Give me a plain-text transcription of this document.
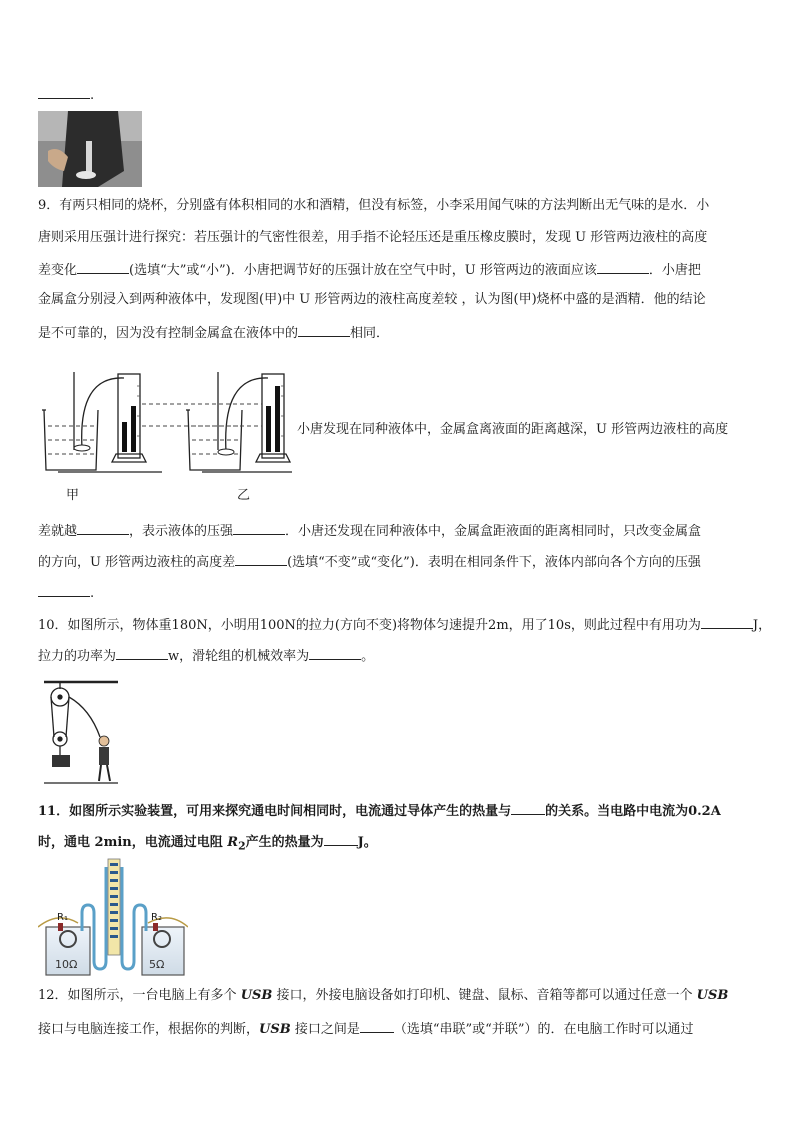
.
9．有两只相同的烧杯，分别盛有体积相同的水和酒精，但没有标签，小李采用闻气味的方法判断出无气味的是水．小
唐则采用压强计进行探究：若压强计的气密性很差，用手指不论轻压还是重压橡皮膜时，发现 U 形管两边液柱的高度
差变化	(选填“大”或“小”)．小唐把调节好的压强计放在空气中时，U 形管两边的液面应该	．小唐把
金属盒分别浸入到两种液体中，发现图(甲)中 U 形管两边的液柱高度差较 ，认为图(甲)烧杯中盛的是酒精．他的结论
是不可靠的，因为没有控制金属盒在液体中的	相同．
甲	乙
小唐发现在同种液体中，金属盒离液面的距离越深，U 形管两边液柱的高度
差就越	，表示液体的压强	．小唐还发现在同种液体中，金属盒距液面的距离相同时，只改变金属盒
的方向，U 形管两边液柱的高度差	(选填“不变”或“变化”)．表明在相同条件下，液体内部向各个方向的压强
.
10．如图所示，物体重180N，小明用100N的拉力(方向不变)将物体匀速提升2m，用了10s，则此过程中有用功为	J，
拉力的功率为	w，滑轮组的机械效率为	。
11．如图所示实验装置，可用来探究通电时间相同时，电流通过导体产生的热量与	的关系。当电路中电流为0.2A
时，通电 2min，电流通过电阻 $R_2$产生的热量为	J。
R₁	R₂
10Ω	5Ω
12．如图所示，一台电脑上有多个 USB 接口，外接电脑设备如打印机、键盘、鼠标、音箱等都可以通过任意一个 USB
接口与电脑连接工作，根据你的判断，USB 接口之间是	（选填“串联”或“并联”）的．在电脑工作时可以通过
